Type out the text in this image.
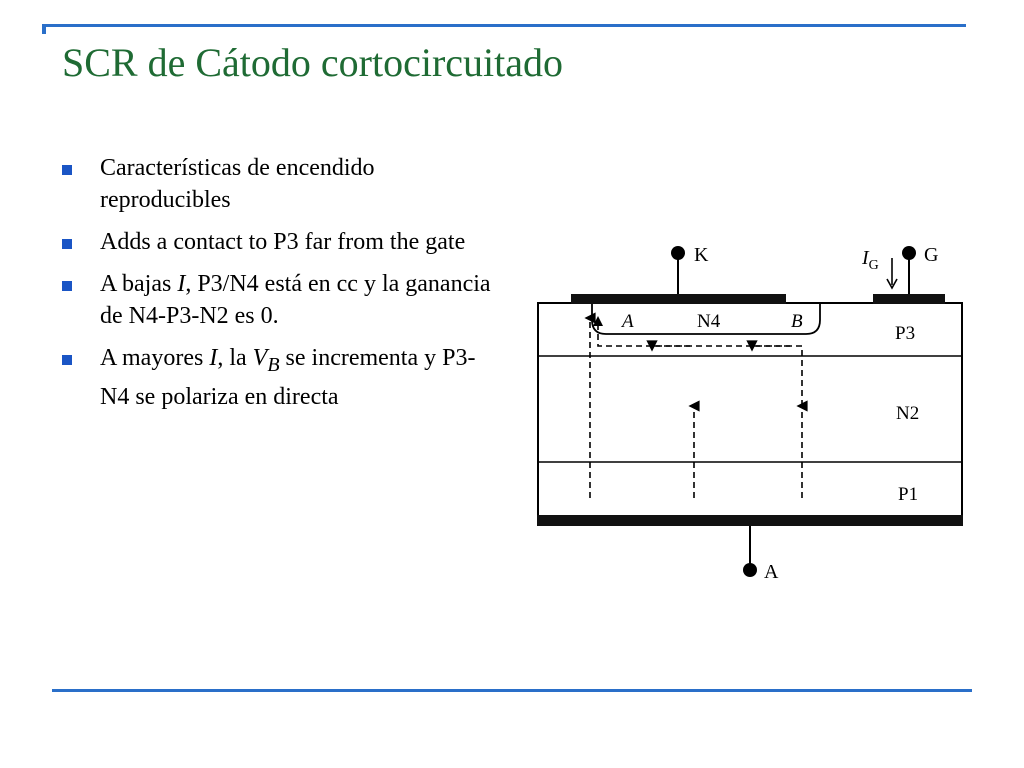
SCR de Cátodo cortocircuitado
Características de encendido reproducibles
Adds a contact to P3 far from the gate
A bajas I, P3/N4 está en cc y la ganancia de N4-P3-N2 es 0.
A mayores I, la $V_B$ se incrementa y P3-N4 se polariza en directa
K	G
A
$I_G$
N4
A	B
P3
N2
P1
